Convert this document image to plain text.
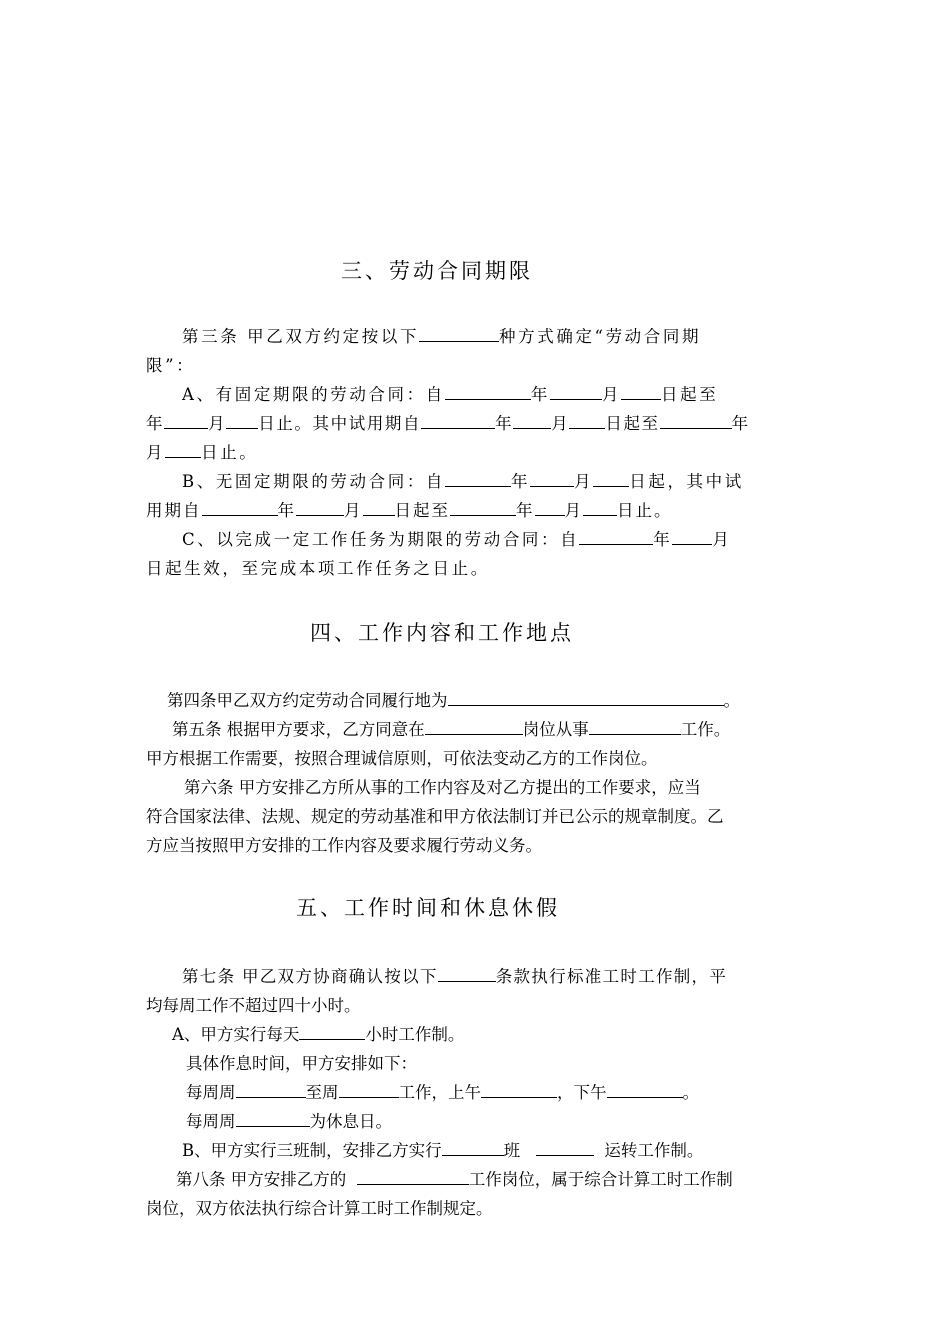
三、劳动合同期限
第三条 甲乙双方约定按以下	种方式确定“劳动合同期
限”：
A、有固定期限的劳动合同：自	年	月 日起至
年	月 日止。其中试用期自	年 月 日起至	年
月 日止。
B、无固定期限的劳动合同：自	年	月 日起，其中试
用期自	年	月 日起至	年 月 日止。
C、以完成一定工作任务为期限的劳动合同：自	年 月
日起生效，至完成本项工作任务之日止。
四、工作内容和工作地点
第四条甲乙双方约定劳动合同履行地为	。
第五条 根据甲方要求，乙方同意在	岗位从事	工作。
甲方根据工作需要，按照合理诚信原则，可依法变动乙方的工作岗位。
第六条 甲方安排乙方所从事的工作内容及对乙方提出的工作要求，应当
符合国家法律、法规、规定的劳动基准和甲方依法制订并已公示的规章制度。乙
方应当按照甲方安排的工作内容及要求履行劳动义务。
五、工作时间和休息休假
第七条 甲乙双方协商确认按以下	条款执行标准工时工作制，平
均每周工作不超过四十小时。
A、甲方实行每天	小时工作制。
具体作息时间，甲方安排如下：
每周周	至周	工作，上午	，下午	。
每周周	为休息日。
B、甲方实行三班制，安排乙方实行	班	运转工作制。
第八条 甲方安排乙方的	工作岗位，属于综合计算工时工作制
岗位，双方依法执行综合计算工时工作制规定。
